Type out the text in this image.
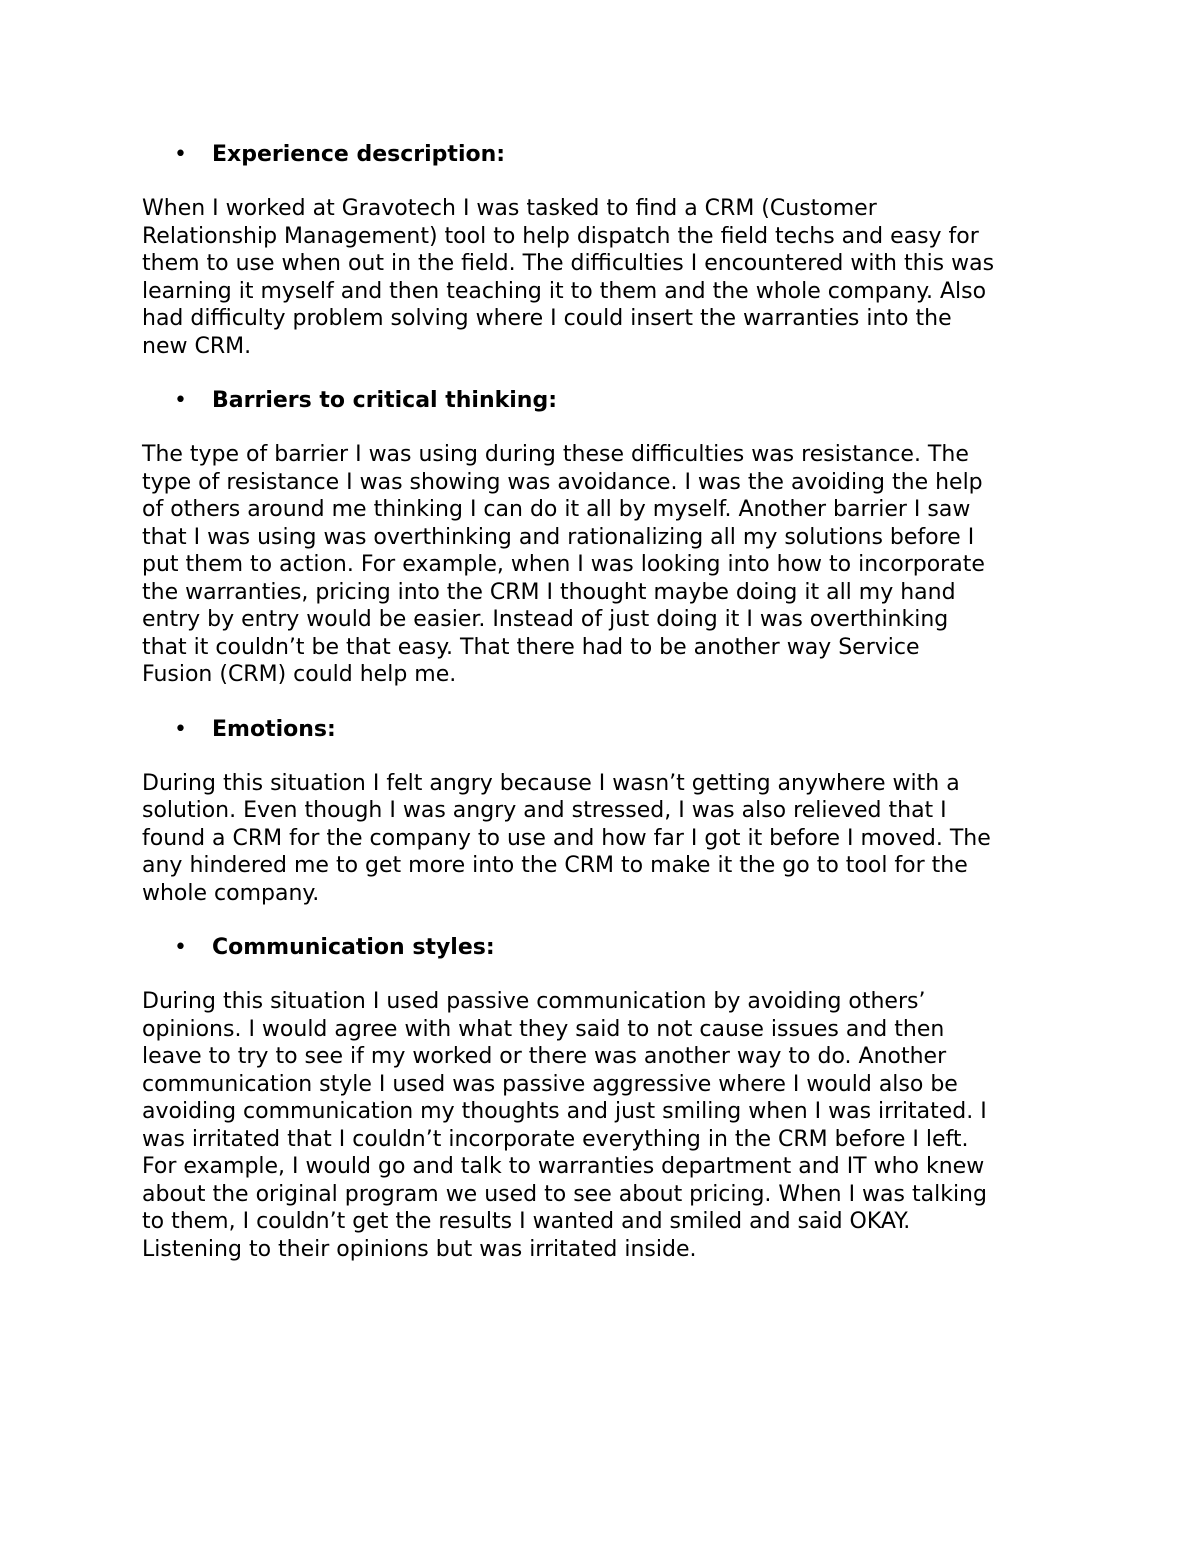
• Experience description:

When I worked at Gravotech I was tasked to find a CRM (Customer
Relationship Management) tool to help dispatch the field techs and easy for
them to use when out in the field. The difficulties I encountered with this was
learning it myself and then teaching it to them and the whole company. Also
had difficulty problem solving where I could insert the warranties into the
new CRM.

• Barriers to critical thinking:

The type of barrier I was using during these difficulties was resistance. The
type of resistance I was showing was avoidance. I was the avoiding the help
of others around me thinking I can do it all by myself. Another barrier I saw
that I was using was overthinking and rationalizing all my solutions before I
put them to action. For example, when I was looking into how to incorporate
the warranties, pricing into the CRM I thought maybe doing it all my hand
entry by entry would be easier. Instead of just doing it I was overthinking
that it couldn’t be that easy. That there had to be another way Service
Fusion (CRM) could help me.

• Emotions:

During this situation I felt angry because I wasn’t getting anywhere with a
solution. Even though I was angry and stressed, I was also relieved that I
found a CRM for the company to use and how far I got it before I moved. The
any hindered me to get more into the CRM to make it the go to tool for the
whole company.

• Communication styles:

During this situation I used passive communication by avoiding others’
opinions. I would agree with what they said to not cause issues and then
leave to try to see if my worked or there was another way to do. Another
communication style I used was passive aggressive where I would also be
avoiding communication my thoughts and just smiling when I was irritated. I
was irritated that I couldn’t incorporate everything in the CRM before I left.
For example, I would go and talk to warranties department and IT who knew
about the original program we used to see about pricing. When I was talking
to them, I couldn’t get the results I wanted and smiled and said OKAY.
Listening to their opinions but was irritated inside.
